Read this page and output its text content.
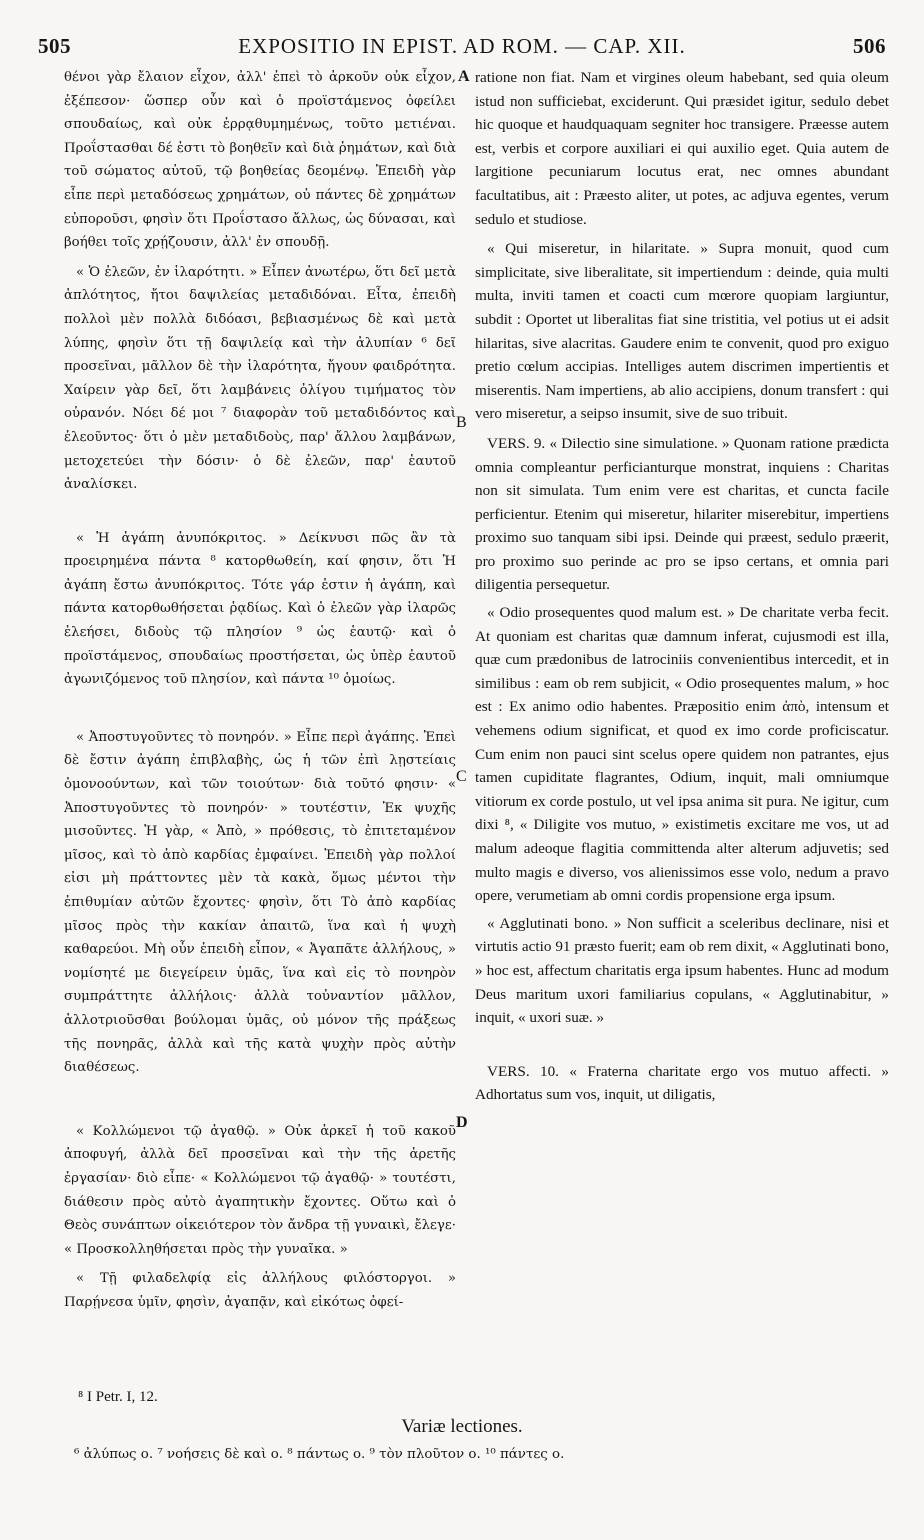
505	EXPOSITIO IN EPIST. AD ROM. — CAP. XII.	506

θένοι γὰρ ἔλαιον εἶχον, ἀλλ' ἐπεὶ τὸ ἀρκοῦν οὐκ εἶχον, ἐξέπεσον· ὥσπερ οὖν καὶ ὁ προϊστάμενος ὀφείλει σπουδαίως, καὶ οὐκ ἐρρᾳθυμημένως, τοῦτο μετιέναι. Προΐστασθαι δέ ἐστι τὸ βοηθεῖν καὶ διὰ ῥημάτων, καὶ διὰ τοῦ σώματος αὐτοῦ, τῷ βοηθείας δεομένῳ. Ἐπειδὴ γὰρ εἶπε περὶ μεταδόσεως χρημάτων, οὐ πάντες δὲ χρημάτων εὐποροῦσι, φησὶν ὅτι Προΐστασο ἄλλως, ὡς δύνασαι, καὶ βοήθει τοῖς χρῄζουσιν, ἀλλ' ἐν σπουδῇ.

« Ὁ ἐλεῶν, ἐν ἱλαρότητι. » Εἶπεν ἀνωτέρω, ὅτι δεῖ μετὰ ἁπλότητος, ἤτοι δαψιλείας μεταδιδόναι. Εἶτα, ἐπειδὴ πολλοὶ μὲν πολλὰ διδόασι, βεβιασμένως δὲ καὶ μετὰ λύπης, φησὶν ὅτι τῇ δαψιλείᾳ καὶ τὴν ἀλυπίαν ⁶ δεῖ προσεῖναι, μᾶλλον δὲ τὴν ἱλαρότητα, ἤγουν φαιδρότητα. Χαίρειν γὰρ δεῖ, ὅτι λαμβάνεις ὀλίγου τιμήματος τὸν οὐρανόν. Νόει δέ μοι ⁷ διαφορὰν τοῦ μεταδιδόντος καὶ ἐλεοῦντος· ὅτι ὁ μὲν μεταδιδοὺς, παρ' ἄλλου λαμβάνων, μετοχετεύει τὴν δόσιν· ὁ δὲ ἐλεῶν, παρ' ἑαυτοῦ ἀναλίσκει.

« Ἡ ἀγάπη ἀνυπόκριτος. » Δείκνυσι πῶς ἂν τὰ προειρημένα πάντα ⁸ κατορθωθείη, καί φησιν, ὅτι Ἡ ἀγάπη ἔστω ἀνυπόκριτος. Τότε γάρ ἐστιν ἡ ἀγάπη, καὶ πάντα κατορθωθήσεται ῥᾳδίως. Καὶ ὁ ἐλεῶν γὰρ ἱλαρῶς ἐλεήσει, διδοὺς τῷ πλησίον ⁹ ὡς ἑαυτῷ· καὶ ὁ προϊστάμενος, σπουδαίως προστήσεται, ὡς ὑπὲρ ἑαυτοῦ ἀγωνιζόμενος τοῦ πλησίον, καὶ πάντα ¹⁰ ὁμοίως.

« Ἀποστυγοῦντες τὸ πονηρόν. » Εἶπε περὶ ἀγάπης. Ἐπεὶ δὲ ἔστιν ἀγάπη ἐπιβλαβὴς, ὡς ἡ τῶν ἐπὶ λῃστείαις ὁμονοούντων, καὶ τῶν τοιούτων· διὰ τοῦτό φησιν· « Ἀποστυγοῦντες τὸ πονηρόν· » τουτέστιν, Ἐκ ψυχῆς μισοῦντες. Ἡ γὰρ, « Ἀπὸ, » πρόθεσις, τὸ ἐπιτεταμένον μῖσος, καὶ τὸ ἀπὸ καρδίας ἐμφαίνει. Ἐπειδὴ γὰρ πολλοί εἰσι μὴ πράττοντες μὲν τὰ κακὰ, ὅμως μέντοι τὴν ἐπιθυμίαν αὐτῶν ἔχοντες· φησὶν, ὅτι Τὸ ἀπὸ καρδίας μῖσος πρὸς τὴν κακίαν ἀπαιτῶ, ἵνα καὶ ἡ ψυχὴ καθαρεύοι. Μὴ οὖν ἐπειδὴ εἶπον, « Ἀγαπᾶτε ἀλλήλους, » νομίσητέ με διεγείρειν ὑμᾶς, ἵνα καὶ εἰς τὸ πονηρὸν συμπράττητε ἀλλήλοις· ἀλλὰ τοὐναντίον μᾶλλον, ἀλλοτριοῦσθαι βούλομαι ὑμᾶς, οὐ μόνον τῆς πράξεως τῆς πονηρᾶς, ἀλλὰ καὶ τῆς κατὰ ψυχὴν πρὸς αὐτὴν διαθέσεως.

« Κολλώμενοι τῷ ἀγαθῷ. » Οὐκ ἀρκεῖ ἡ τοῦ κακοῦ ἀποφυγή, ἀλλὰ δεῖ προσεῖναι καὶ τὴν τῆς ἀρετῆς ἐργασίαν· διὸ εἶπε· « Κολλώμενοι τῷ ἀγαθῷ· » τουτέστι, διάθεσιν πρὸς αὐτὸ ἀγαπητικὴν ἔχοντες. Οὕτω καὶ ὁ Θεὸς συνάπτων οἰκειότερον τὸν ἄνδρα τῇ γυναικὶ, ἔλεγε· « Προσκολληθήσεται πρὸς τὴν γυναῖκα. »

« Τῇ φιλαδελφίᾳ εἰς ἀλλήλους φιλόστοργοι. » Παρῄνεσα ὑμῖν, φησὶν, ἀγαπᾷν, καὶ εἰκότως ὀφεί-

ratione non fiat. Nam et virgines oleum habebant, sed quia oleum istud non sufficiebat, exciderunt. Qui præsidet igitur, sedulo debet hic quoque et haudquaquam segniter hoc transigere. Præesse autem est, verbis et corpore auxiliari ei qui auxilio eget. Quia autem de largitione pecuniarum locutus erat, nec omnes abundant facultatibus, ait : Præesto aliter, ut potes, ac adjuva egentes, verum sedulo et studiose.

« Qui miseretur, in hilaritate. » Supra monuit, quod cum simplicitate, sive liberalitate, sit impertiendum : deinde, quia multi multa, inviti tamen et coacti cum mœrore quopiam largiuntur, subdit : Oportet ut liberalitas fiat sine tristitia, vel potius ut ei adsit hilaritas, sive alacritas. Gaudere enim te convenit, quod pro exiguo pretio cœlum accipias. Intelliges autem discrimen impertientis et miserentis. Nam impertiens, ab alio accipiens, donum transfert : qui vero miseretur, a seipso insumit, sive de suo tribuit.

VERS. 9. « Dilectio sine simulatione. » Quonam ratione prædicta omnia compleantur perficianturque monstrat, inquiens : Charitas non sit simulata. Tum enim vere est charitas, et cuncta facile perficientur. Etenim qui miseretur, hilariter miserebitur, impertiens proximo suo tanquam sibi ipsi. Deinde qui præest, sedulo præerit, pro proximo suo perinde ac pro se ipso certans, et omnia pari diligentia persequetur.

« Odio prosequentes quod malum est. » De charitate verba fecit. At quoniam est charitas quæ damnum inferat, cujusmodi est illa, quæ cum prædonibus de latrociniis convenientibus intercedit, et in similibus : eam ob rem subjicit, « Odio prosequentes malum, » hoc est : Ex animo odio habentes. Præpositio enim ἀπὸ, intensum et vehemens odium significat, et quod ex imo corde proficiscatur. Cum enim non pauci sint scelus opere quidem non patrantes, ejus tamen cupiditate flagrantes, Odium, inquit, mali omniumque vitiorum ex corde postulo, ut vel ipsa anima sit pura. Ne igitur, cum dixi ⁸, « Diligite vos mutuo, » existimetis excitare me vos, ut ad malum adeoque flagitia committenda alter alterum adjuvetis; sed multo magis e diverso, vos alienissimos esse volo, nedum a pravo opere, verumetiam ab omni cordis propensione erga ipsum.

« Agglutinati bono. » Non sufficit a sceleribus declinare, nisi et virtutis actio 91 præsto fuerit; eam ob rem dixit, « Agglutinati bono, » hoc est, affectum charitatis erga ipsum habentes. Hunc ad modum Deus maritum uxori familiarius copulans, « Agglutinabitur, » inquit, « uxori suæ. »

VERS. 10. « Fraterna charitate ergo vos mutuo affecti. » Adhortatus sum vos, inquit, ut diligatis,

A
B
C
D
⁸ I Petr. I, 12.
Variæ lectiones.
⁶ ἀλύπως ο. ⁷ νοήσεις δὲ καὶ ο. ⁸ πάντως ο. ⁹ τὸν πλοῦτον ο. ¹⁰ πάντες ο.
